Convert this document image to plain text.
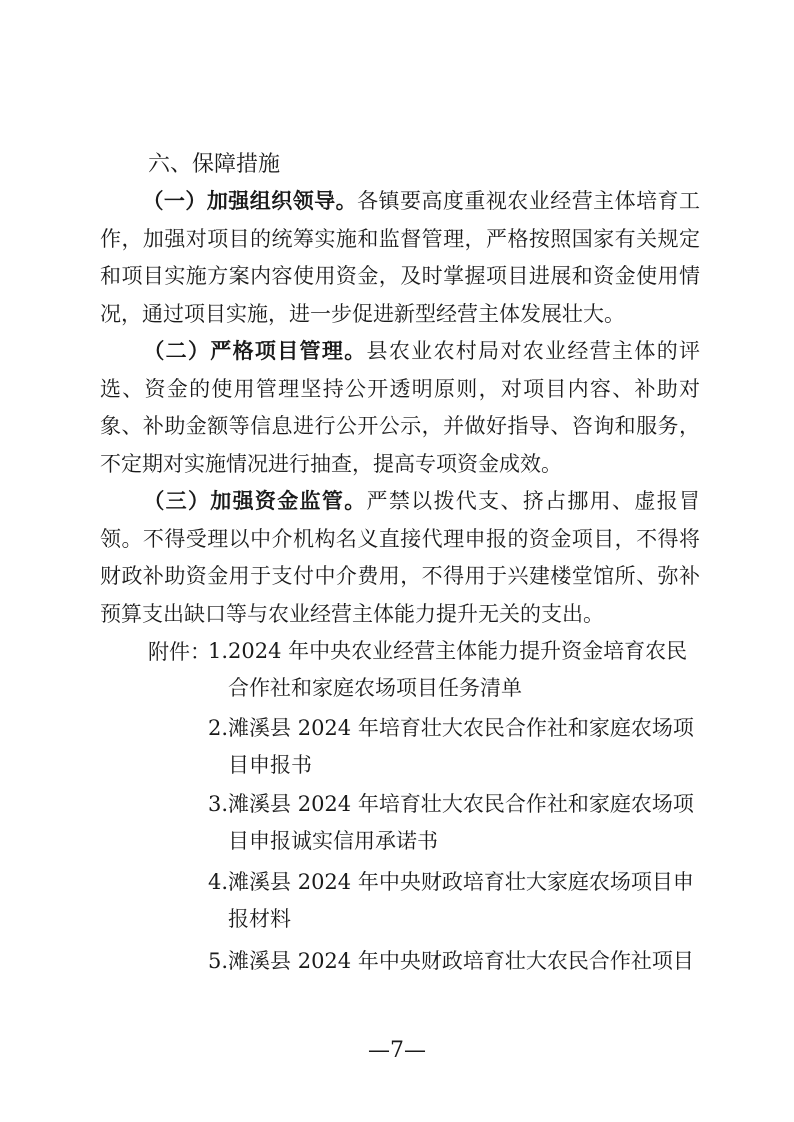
六、保障措施

（一）加强组织领导。各镇要高度重视农业经营主体培育工作，加强对项目的统筹实施和监督管理，严格按照国家有关规定和项目实施方案内容使用资金，及时掌握项目进展和资金使用情况，通过项目实施，进一步促进新型经营主体发展壮大。

（二）严格项目管理。县农业农村局对农业经营主体的评选、资金的使用管理坚持公开透明原则，对项目内容、补助对象、补助金额等信息进行公开公示，并做好指导、咨询和服务，不定期对实施情况进行抽查，提高专项资金成效。

（三）加强资金监管。严禁以拨代支、挤占挪用、虚报冒领。不得受理以中介机构名义直接代理申报的资金项目，不得将财政补助资金用于支付中介费用，不得用于兴建楼堂馆所、弥补预算支出缺口等与农业经营主体能力提升无关的支出。

附件：
1.2024 年中央农业经营主体能力提升资金培育农民
合作社和家庭农场项目任务清单
2.滩溪县 2024 年培育壮大农民合作社和家庭农场项
目申报书
3.滩溪县 2024 年培育壮大农民合作社和家庭农场项
目申报诚实信用承诺书
4.滩溪县 2024 年中央财政培育壮大家庭农场项目申
报材料
5.滩溪县 2024 年中央财政培育壮大农民合作社项目
—7—
